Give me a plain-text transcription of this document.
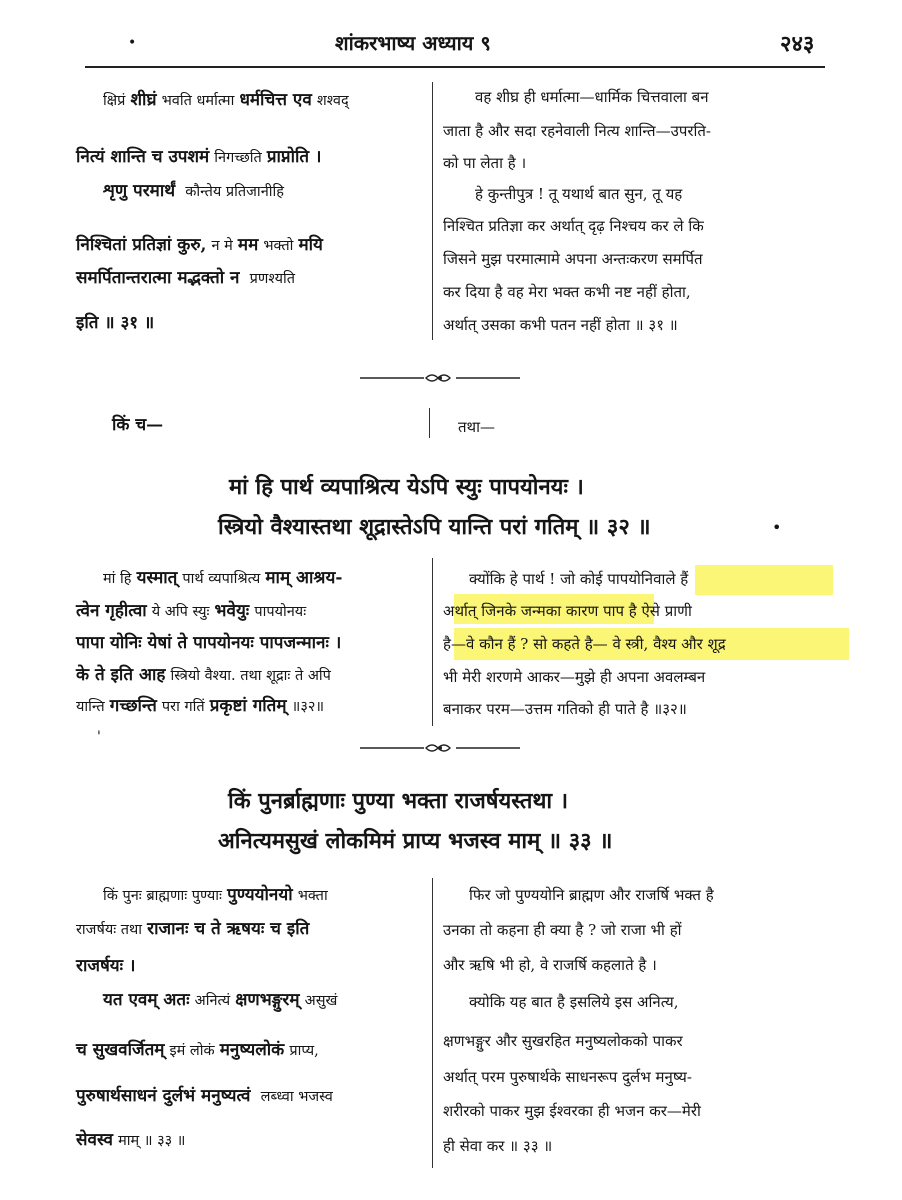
•	शांकरभाष्य अध्याय ९	२४३
क्षिप्रं शीघ्रं भवति धर्मात्मा धर्मचित्त एव शश्वद्
नित्यं शान्ति च उपशमं निगच्छति प्राप्नोति ।
शृणु परमार्थं कौन्तेय प्रतिजानीहि
निश्चितां प्रतिज्ञां कुरु, न मे मम भक्तो मयि
समर्पितान्तरात्मा मद्भक्तो न प्रणश्यति
इति ॥ ३१ ॥
वह शीघ्र ही धर्मात्मा—धार्मिक चित्तवाला बन
जाता है और सदा रहनेवाली नित्य शान्ति—उपरति-
को पा लेता है ।
हे कुन्तीपुत्र ! तू यथार्थ बात सुन, तू यह
निश्चित प्रतिज्ञा कर अर्थात् दृढ़ निश्चय कर ले कि
जिसने मुझ परमात्मामे अपना अन्तःकरण समर्पित
कर दिया है वह मेरा भक्त कभी नष्ट नहीं होता,
अर्थात् उसका कभी पतन नहीं होता ॥ ३१ ॥
किं च—	तथा—
मां हि पार्थ व्यपाश्रित्य येऽपि स्युः पापयोनयः ।
स्त्रियो वैश्यास्तथा शूद्रास्तेऽपि यान्ति परां गतिम् ॥ ३२ ॥	•
मां हि यस्मात् पार्थ व्यपाश्रित्य माम् आश्रय-
त्वेन गृहीत्वा ये अपि स्युः भवेयुः पापयोनयः
पापा योनिः येषां ते पापयोनयः पापजन्मानः ।
के ते इति आह स्त्रियो वैश्या. तथा शूद्राः ते अपि
यान्ति गच्छन्ति परा गतिं प्रकृष्टां गतिम् ॥३२॥
'
क्योंकि हे पार्थ ! जो कोई पापयोनिवाले हैं
अर्थात् जिनके जन्मका कारण पाप है ऐसे प्राणी
है—वे कौन हैं ? सो कहते है— वे स्त्री, वैश्य और शूद्र
भी मेरी शरणमे आकर—मुझे ही अपना अवलम्बन
बनाकर परम—उत्तम गतिको ही पाते है ॥३२॥
किं पुनर्ब्राह्मणाः पुण्या भक्ता राजर्षयस्तथा ।
अनित्यमसुखं लोकमिमं प्राप्य भजस्व माम् ॥ ३३ ॥
किं पुनः ब्राह्मणाः पुण्याः पुण्ययोनयो भक्ता
राजर्षयः तथा राजानः च ते ऋषयः च इति
राजर्षयः ।
यत एवम् अतः अनित्यं क्षणभङ्गुरम् असुखं
च सुखवर्जितम् इमं लोकं मनुष्यलोकं प्राप्य,
पुरुषार्थसाधनं दुर्लभं मनुष्यत्वं लब्ध्वा भजस्व
सेवस्व माम् ॥ ३३ ॥
फिर जो पुण्ययोनि ब्राह्मण और राजर्षि भक्त है
उनका तो कहना ही क्या है ? जो राजा भी हों
और ऋषि भी हो, वे राजर्षि कहलाते है ।
क्योकि यह बात है इसलिये इस अनित्य,
क्षणभङ्गुर और सुखरहित मनुष्यलोकको पाकर
अर्थात् परम पुरुषार्थके साधनरूप दुर्लभ मनुष्य-
शरीरको पाकर मुझ ईश्वरका ही भजन कर—मेरी
ही सेवा कर ॥ ३३ ॥
